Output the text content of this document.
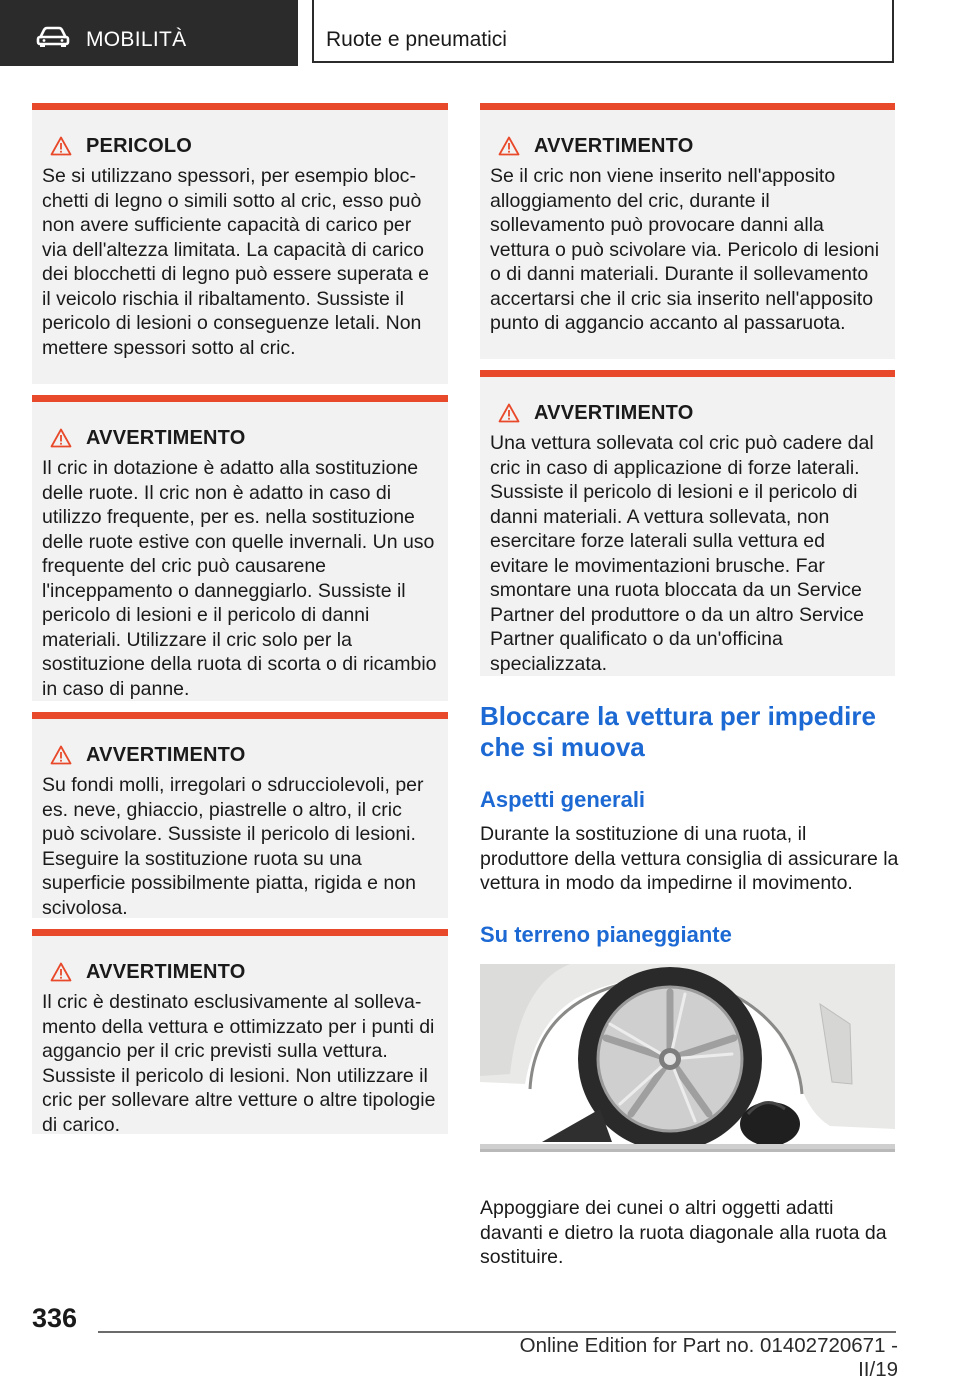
MOBILITÀ	Ruote e pneumatici
PERICOLO
Se si utilizzano spessori, per esempio blocchetti di legno o simili sotto al cric, esso può non avere sufficiente capacità di carico per via dell'altezza limitata. La capacità di carico dei blocchetti di legno può essere superata e il veicolo rischia il ribaltamento. Sussiste il pericolo di lesioni o conseguenze letali. Non mettere spessori sotto al cric.
AVVERTIMENTO
Il cric in dotazione è adatto alla sostituzione delle ruote. Il cric non è adatto in caso di utilizzo frequente, per es. nella sostituzione delle ruote estive con quelle invernali. Un uso frequente del cric può causarene l'inceppamento o danneggiarlo. Sussiste il pericolo di lesioni e il pericolo di danni materiali. Utilizzare il cric solo per la sostituzione della ruota di scorta o di ricambio in caso di panne.
AVVERTIMENTO
Su fondi molli, irregolari o sdrucciolevoli, per es. neve, ghiaccio, piastrelle o altro, il cric può scivolare. Sussiste il pericolo di lesioni. Eseguire la sostituzione ruota su una superficie possibilmente piatta, rigida e non scivolosa.
AVVERTIMENTO
Il cric è destinato esclusivamente al sollevamento della vettura e ottimizzato per i punti di aggancio per il cric previsti sulla vettura. Sussiste il pericolo di lesioni. Non utilizzare il cric per sollevare altre vetture o altre tipologie di carico.
AVVERTIMENTO
Se il cric non viene inserito nell'apposito alloggiamento del cric, durante il sollevamento può provocare danni alla vettura o può scivolare via. Pericolo di lesioni o di danni materiali. Durante il sollevamento accertarsi che il cric sia inserito nell'apposito punto di aggancio accanto al passaruota.
AVVERTIMENTO
Una vettura sollevata col cric può cadere dal cric in caso di applicazione di forze laterali. Sussiste il pericolo di lesioni e il pericolo di danni materiali. A vettura sollevata, non esercitare forze laterali sulla vettura ed evitare le movimentazioni brusche. Far smontare una ruota bloccata da un Service Partner del produttore o da un altro Service Partner qualificato o da un'officina specializzata.
Bloccare la vettura per impedire che si muova
Aspetti generali
Durante la sostituzione di una ruota, il produttore della vettura consiglia di assicurare la vettura in modo da impedirne il movimento.
Su terreno pianeggiante
Appoggiare dei cunei o altri oggetti adatti davanti e dietro la ruota diagonale alla ruota da sostituire.
336
Online Edition for Part no. 01402720671 - II/19
